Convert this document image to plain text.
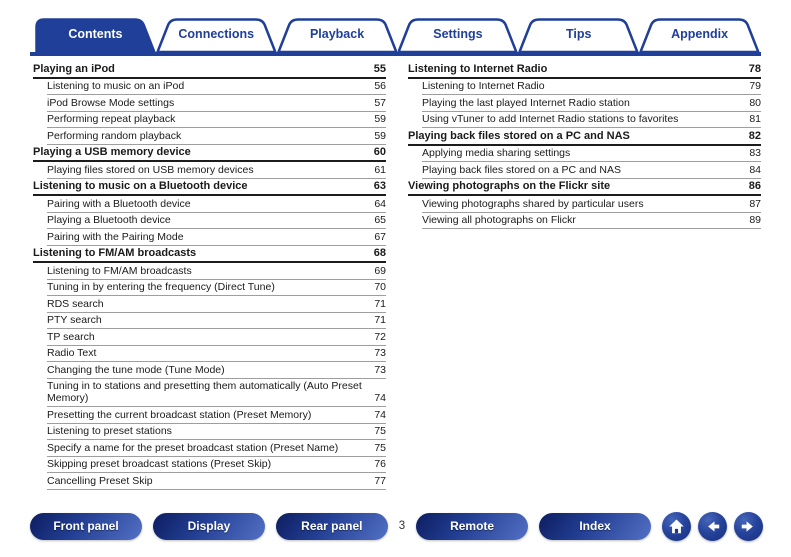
Contents	Connections	Playback	Settings	Tips	Appendix
Playing an iPod	55
Listening to music on an iPod	56
iPod Browse Mode settings	57
Performing repeat playback	59
Performing random playback	59
Playing a USB memory device	60
Playing files stored on USB memory devices	61
Listening to music on a Bluetooth device	63
Pairing with a Bluetooth device	64
Playing a Bluetooth device	65
Pairing with the Pairing Mode	67
Listening to FM/AM broadcasts	68
Listening to FM/AM broadcasts	69
Tuning in by entering the frequency (Direct Tune)	70
RDS search	71
PTY search	71
TP search	72
Radio Text	73
Changing the tune mode (Tune Mode)	73
Tuning in to stations and presetting them automatically (Auto Preset Memory)	74
Presetting the current broadcast station (Preset Memory)	74
Listening to preset stations	75
Specify a name for the preset broadcast station (Preset Name)	75
Skipping preset broadcast stations (Preset Skip)	76
Cancelling Preset Skip	77
Listening to Internet Radio	78
Listening to Internet Radio	79
Playing the last played Internet Radio station	80
Using vTuner to add Internet Radio stations to favorites	81
Playing back files stored on a PC and NAS	82
Applying media sharing settings	83
Playing back files stored on a PC and NAS	84
Viewing photographs on the Flickr site	86
Viewing photographs shared by particular users	87
Viewing all photographs on Flickr	89
Front panel	Display	Rear panel	3	Remote	Index
